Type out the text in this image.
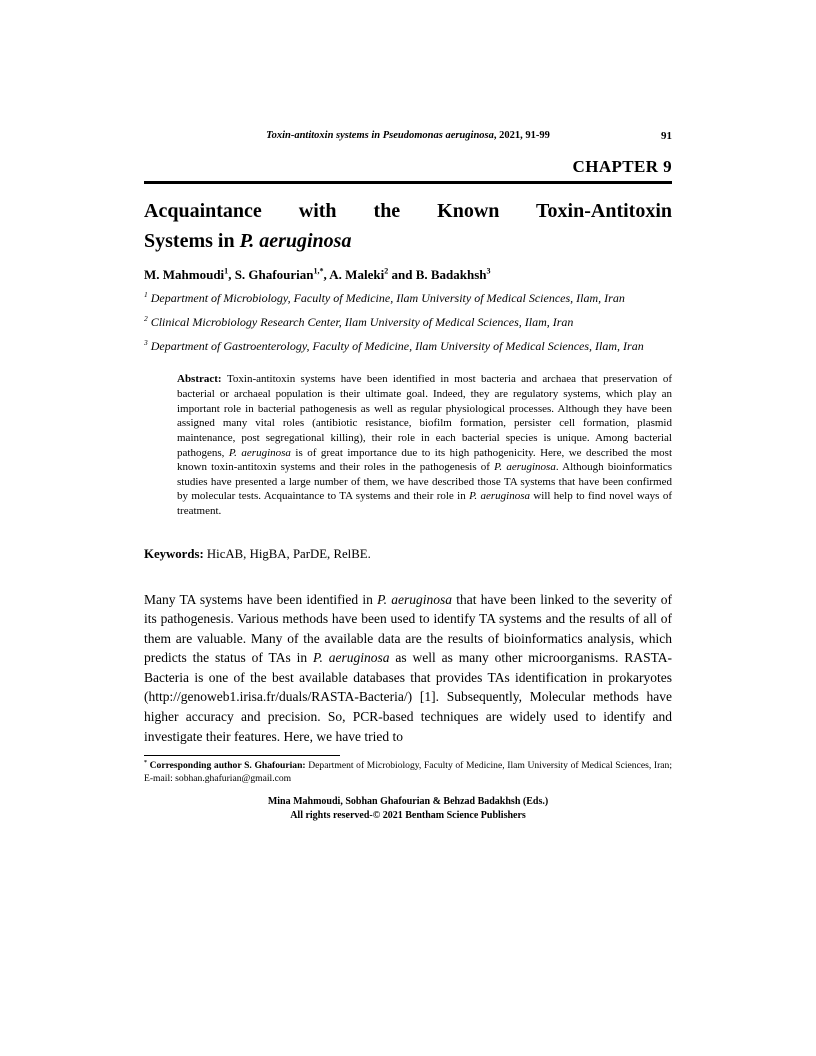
Toxin-antitoxin systems in Pseudomonas aeruginosa, 2021, 91-99	91
CHAPTER 9
Acquaintance with the Known Toxin-Antitoxin
Systems in P. aeruginosa
M. Mahmoudi$^1$, S. Ghafourian$^{1,*}$, A. Maleki$^2$ and B. Badakhsh$^3$
$^1$ Department of Microbiology, Faculty of Medicine, Ilam University of Medical Sciences, Ilam, Iran
$^2$ Clinical Microbiology Research Center, Ilam University of Medical Sciences, Ilam, Iran
$^3$ Department of Gastroenterology, Faculty of Medicine, Ilam University of Medical Sciences, Ilam, Iran
Abstract: Toxin-antitoxin systems have been identified in most bacteria and archaea that preservation of bacterial or archaeal population is their ultimate goal. Indeed, they are regulatory systems, which play an important role in bacterial pathogenesis as well as regular physiological processes. Although they have been assigned many vital roles (antibiotic resistance, biofilm formation, persister cell formation, plasmid maintenance, post segregational killing), their role in each bacterial species is unique. Among bacterial pathogens, P. aeruginosa is of great importance due to its high pathogenicity. Here, we described the most known toxin-antitoxin systems and their roles in the pathogenesis of P. aeruginosa. Although bioinformatics studies have presented a large number of them, we have described those TA systems that have been confirmed by molecular tests. Acquaintance to TA systems and their role in P. aeruginosa will help to find novel ways of treatment.
Keywords: HicAB, HigBA, ParDE, RelBE.
Many TA systems have been identified in P. aeruginosa that have been linked to the severity of its pathogenesis. Various methods have been used to identify TA systems and the results of all of them are valuable. Many of the available data are the results of bioinformatics analysis, which predicts the status of TAs in P. aeruginosa as well as many other microorganisms. RASTA-Bacteria is one of the best available databases that provides TAs identification in prokaryotes (http://genoweb1.irisa.fr/duals/RASTA-Bacteria/) [1]. Subsequently, Molecular methods have higher accuracy and precision. So, PCR-based techniques are widely used to identify and investigate their features. Here, we have tried to
* Corresponding author S. Ghafourian: Department of Microbiology, Faculty of Medicine, Ilam University of Medical Sciences, Iran; E-mail: sobhan.ghafurian@gmail.com
Mina Mahmoudi, Sobhan Ghafourian & Behzad Badakhsh (Eds.)
All rights reserved-© 2021 Bentham Science Publishers
